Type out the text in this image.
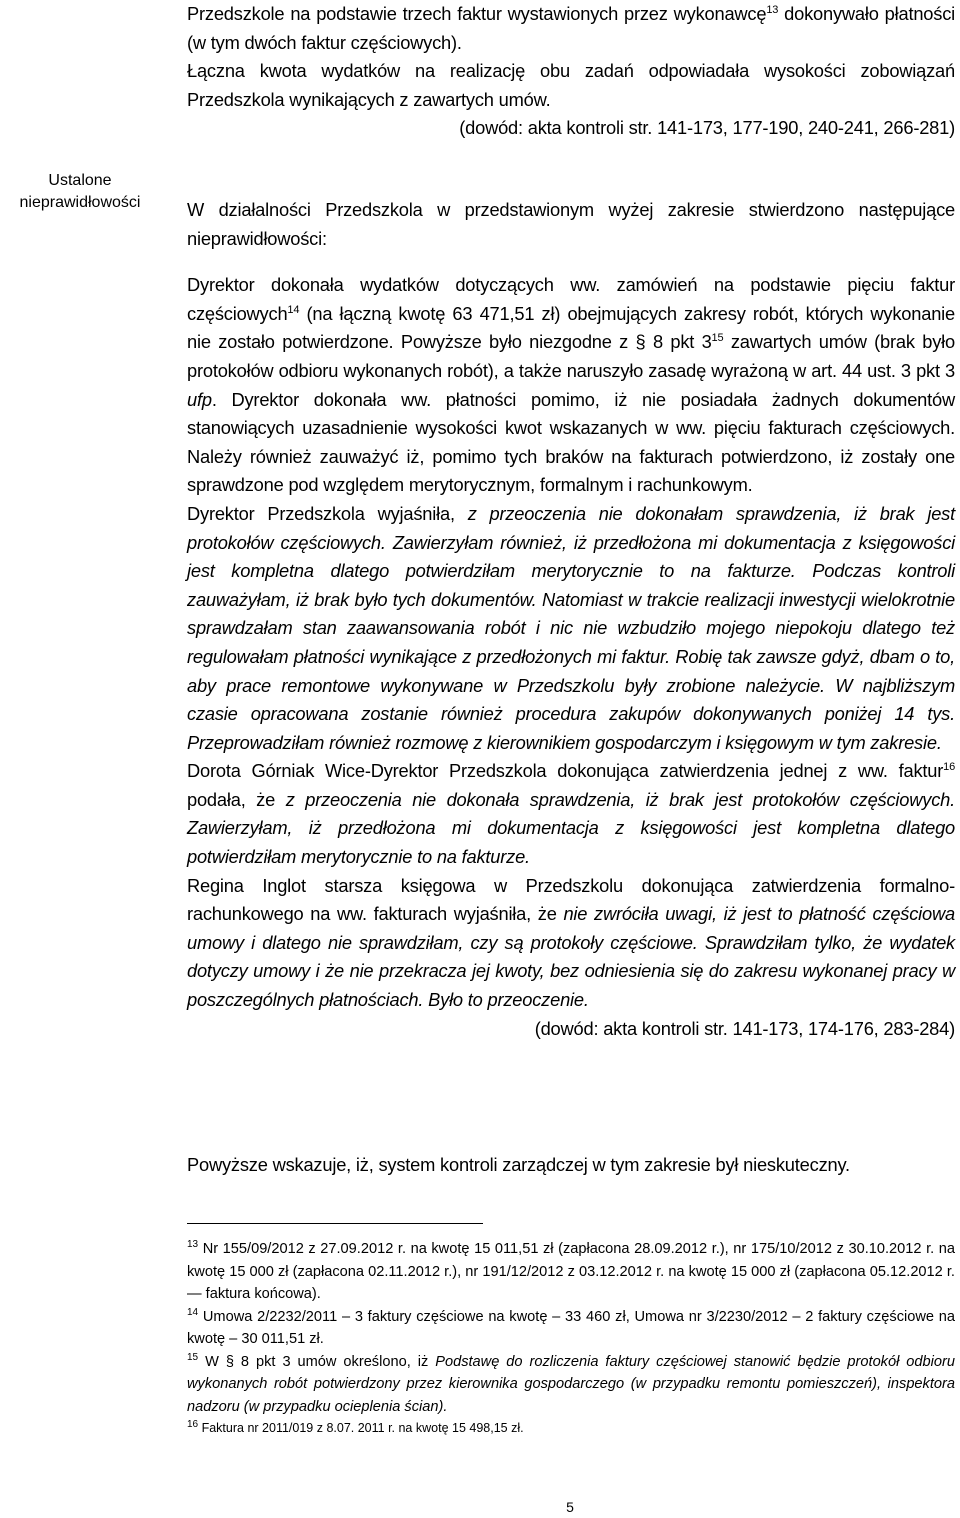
Przedszkole na podstawie trzech faktur wystawionych przez wykonawcę$^{13}$ dokonywało płatności (w tym dwóch faktur częściowych).

Łączna kwota wydatków na realizację obu zadań odpowiadała wysokości zobowiązań Przedszkola wynikających z zawartych umów.

(dowód: akta kontroli str. 141-173, 177-190, 240-241, 266-281)

Ustalone
nieprawidłowości	W działalności Przedszkola w przedstawionym wyżej zakresie stwierdzono następujące nieprawidłowości:

Dyrektor dokonała wydatków dotyczących ww. zamówień na podstawie pięciu faktur częściowych$^{14}$ (na łączną kwotę 63 471,51 zł) obejmujących zakresy robót, których wykonanie nie zostało potwierdzone. Powyższe było niezgodne z § 8 pkt $3^{15}$ zawartych umów (brak było protokołów odbioru wykonanych robót), a także naruszyło zasadę wyrażoną w art. 44 ust. 3 pkt 3 ufp. Dyrektor dokonała ww. płatności pomimo, iż nie posiadała żadnych dokumentów stanowiących uzasadnienie wysokości kwot wskazanych w ww. pięciu fakturach częściowych. Należy również zauważyć iż, pomimo tych braków na fakturach potwierdzono, iż zostały one sprawdzone pod względem merytorycznym, formalnym i rachunkowym.

Dyrektor Przedszkola wyjaśniła, z przeoczenia nie dokonałam sprawdzenia, iż brak jest protokołów częściowych. Zawierzyłam również, iż przedłożona mi dokumentacja z księgowości jest kompletna dlatego potwierdziłam merytorycznie to na fakturze. Podczas kontroli zauważyłam, iż brak było tych dokumentów. Natomiast w trakcie realizacji inwestycji wielokrotnie sprawdzałam stan zaawansowania robót i nic nie wzbudziło mojego niepokoju dlatego też regulowałam płatności wynikające z przedłożonych mi faktur. Robię tak zawsze gdyż, dbam o to, aby prace remontowe wykonywane w Przedszkolu były zrobione należycie. W najbliższym czasie opracowana zostanie również procedura zakupów dokonywanych poniżej 14 tys. Przeprowadziłam również rozmowę z kierownikiem gospodarczym i księgowym w tym zakresie.

Dorota Górniak Wice-Dyrektor Przedszkola dokonująca zatwierdzenia jednej z ww. faktur$^{16}$ podała, że z przeoczenia nie dokonała sprawdzenia, iż brak jest protokołów częściowych. Zawierzyłam, iż przedłożona mi dokumentacja z księgowości jest kompletna dlatego potwierdziłam merytorycznie to na fakturze.

Regina Inglot starsza księgowa w Przedszkolu dokonująca zatwierdzenia formalno-rachunkowego na ww. fakturach wyjaśniła, że nie zwróciła uwagi, iż jest to płatność częściowa umowy i dlatego nie sprawdziłam, czy są protokoły częściowe. Sprawdziłam tylko, że wydatek dotyczy umowy i że nie przekracza jej kwoty, bez odniesienia się do zakresu wykonanej pracy w poszczególnych płatnościach. Było to przeoczenie.

(dowód: akta kontroli str. 141-173, 174-176, 283-284)

Powyższe wskazuje, iż, system kontroli zarządczej w tym zakresie był nieskuteczny.

$^{13}$ Nr 155/09/2012 z 27.09.2012 r. na kwotę 15 011,51 zł (zapłacona 28.09.2012 r.), nr 175/10/2012 z 30.10.2012 r. na kwotę 15 000 zł (zapłacona 02.11.2012 r.), nr 191/12/2012 z 03.12.2012 r. na kwotę 15 000 zł (zapłacona 05.12.2012 r. — faktura końcowa).

$^{14}$ Umowa 2/2232/2011 – 3 faktury częściowe na kwotę – 33 460 zł, Umowa nr 3/2230/2012 – 2 faktury częściowe na kwotę – 30 011,51 zł.

$^{15}$ W § 8 pkt 3 umów określono, iż Podstawę do rozliczenia faktury częściowej stanowić będzie protokół odbioru wykonanych robót potwierdzony przez kierownika gospodarczego (w przypadku remontu pomieszczeń), inspektora nadzoru (w przypadku ocieplenia ścian).

$^{16}$ Faktura nr 2011/019 z 8.07. 2011 r. na kwotę 15 498,15 zł.

5
